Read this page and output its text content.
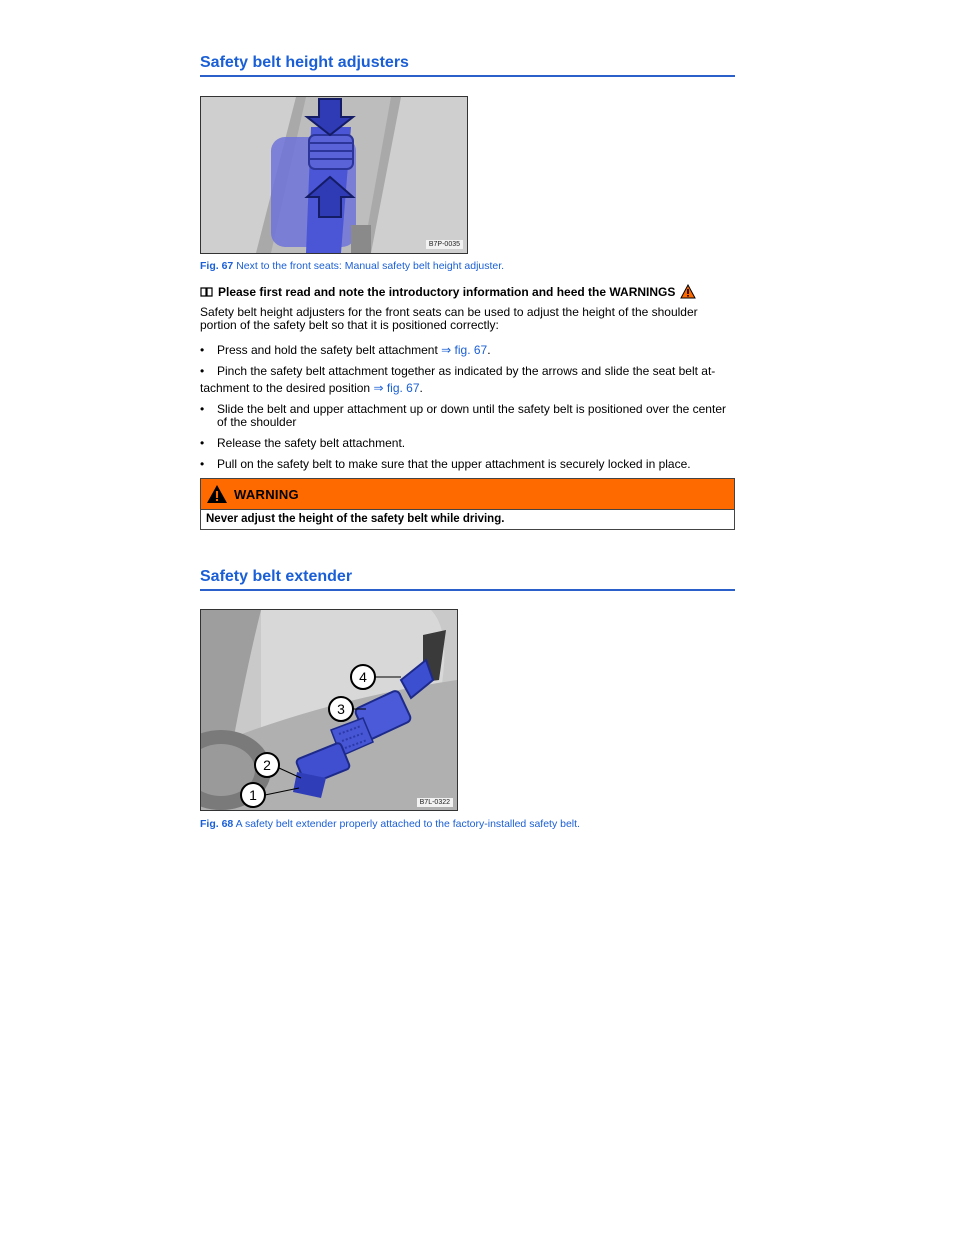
Safety belt height adjusters
B7P-0035
Fig. 67 Next to the front seats: Manual safety belt height adjuster.
Please first read and note the introductory information and heed the WARNINGS
Safety belt height adjusters for the front seats can be used to adjust the height of the shoulder portion of the safety belt so that it is positioned correctly:
• Press and hold the safety belt attachment ⇒ fig. 67.
• Pinch the safety belt attachment together as indicated by the arrows and slide the seat belt at-
tachment to the desired position ⇒ fig. 67.
• Slide the belt and upper attachment up or down until the safety belt is positioned over the center of the shoulder
• Release the safety belt attachment.
• Pull on the safety belt to make sure that the upper attachment is securely locked in place.
WARNING
Never adjust the height of the safety belt while driving.
Safety belt extender
4
3
2
1	B7L-0322
Fig. 68 A safety belt extender properly attached to the factory-installed safety belt.
